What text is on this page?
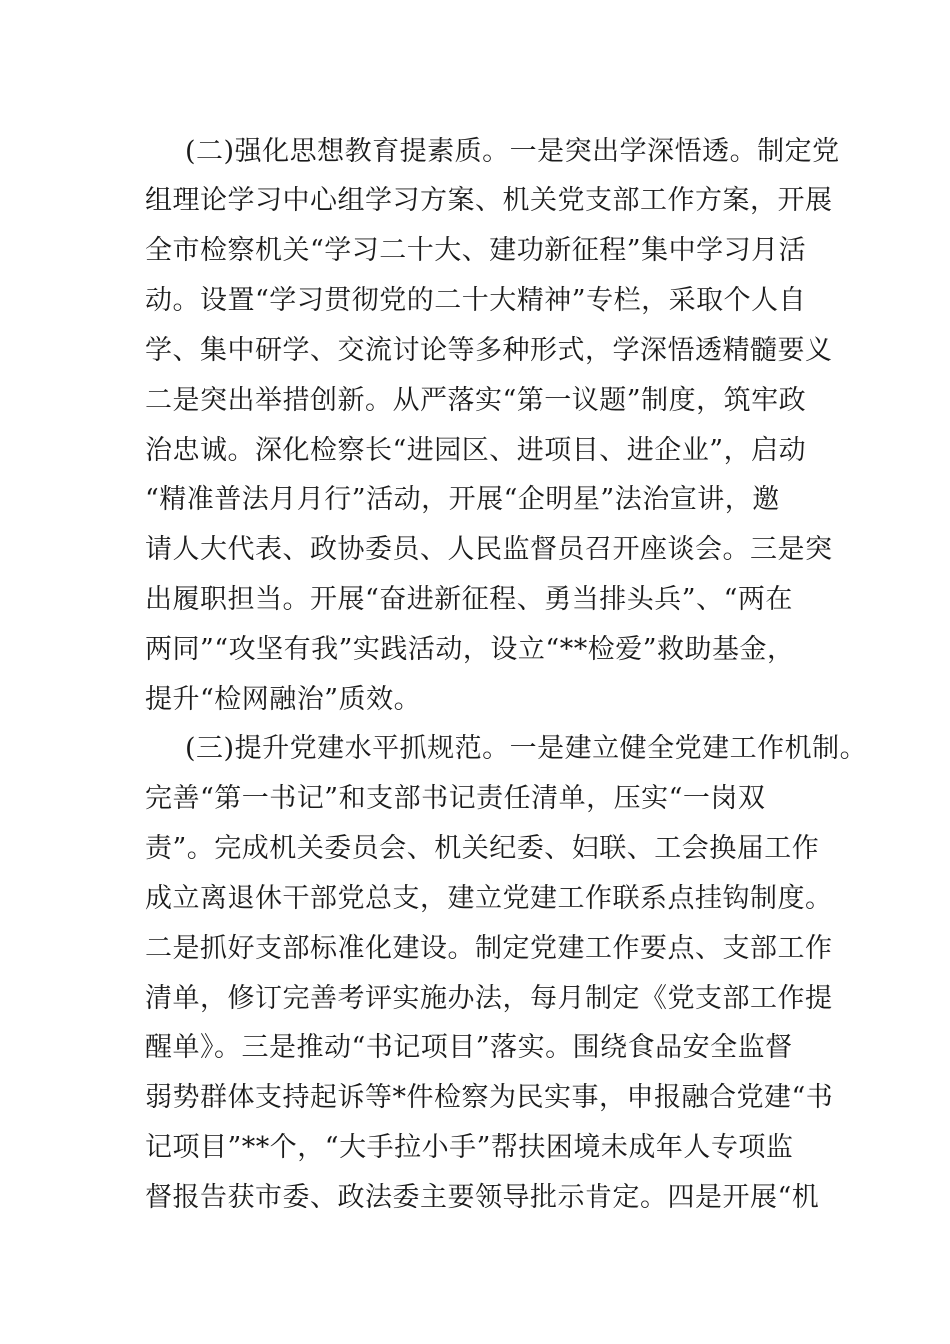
(二)强化思想教育提素质。一是突出学深悟透。制定党
组理论学习中心组学习方案、机关党支部工作方案，开展
全市检察机关“学习二十大、建功新征程”集中学习月活
动。设置“学习贯彻党的二十大精神”专栏，采取个人自
学、集中研学、交流讨论等多种形式，学深悟透精髓要义
二是突出举措创新。从严落实“第一议题”制度，筑牢政
治忠诚。深化检察长“进园区、进项目、进企业”，启动
“精准普法月月行”活动，开展“企明星”法治宣讲，邀
请人大代表、政协委员、人民监督员召开座谈会。三是突
出履职担当。开展“奋进新征程、勇当排头兵”、“两在
两同”“攻坚有我”实践活动，设立“**检爱”救助基金，
提升“检网融治”质效。
(三)提升党建水平抓规范。一是建立健全党建工作机制。
完善“第一书记”和支部书记责任清单，压实“一岗双
责”。完成机关委员会、机关纪委、妇联、工会换届工作
成立离退休干部党总支，建立党建工作联系点挂钩制度。
二是抓好支部标准化建设。制定党建工作要点、支部工作
清单，修订完善考评实施办法，每月制定《党支部工作提
醒单》。三是推动“书记项目”落实。围绕食品安全监督
弱势群体支持起诉等*件检察为民实事，申报融合党建“书
记项目”**个，“大手拉小手”帮扶困境未成年人专项监
督报告获市委、政法委主要领导批示肯定。四是开展“机
